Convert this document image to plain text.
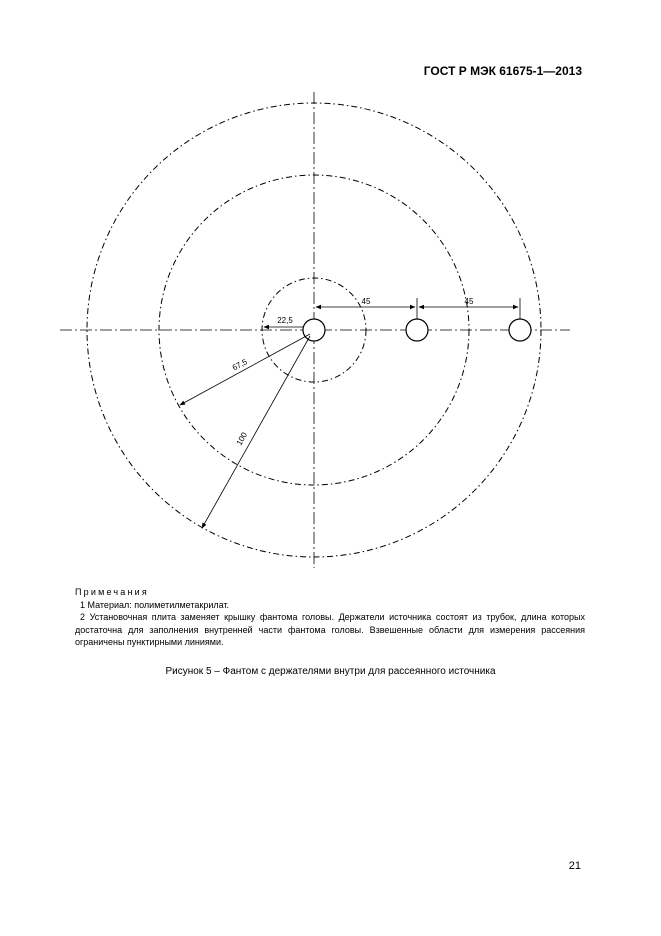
ГОСТ Р МЭК 61675-1—2013
45	45
22,5
67,5
100
Примечания

1 Материал: полиметилметакрилат.

2 Установочная плита заменяет крышку фантома головы. Держатели источника состоят из трубок, длина которых достаточна для заполнения внутренней части фантома головы. Взвешенные области для измерения рассеяния ограничены пунктирными линиями.

Рисунок 5 – Фантом с держателями внутри для рассеянного источника
21
